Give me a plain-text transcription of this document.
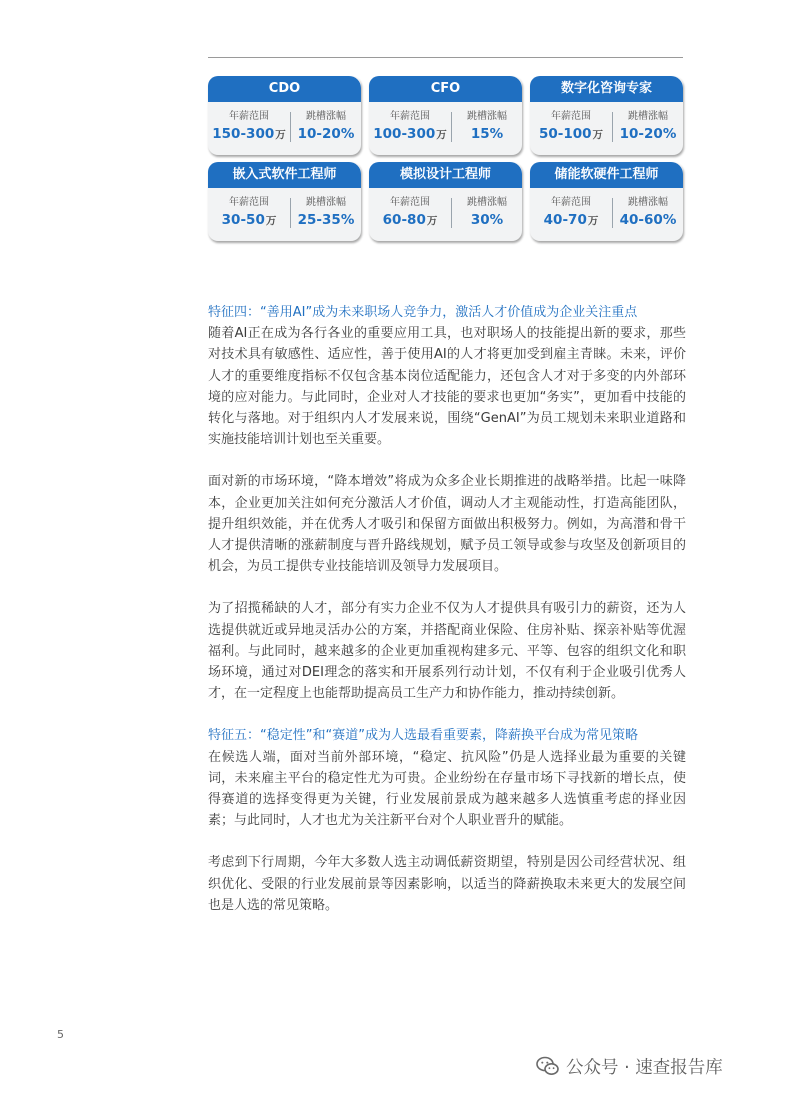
CDO
年薪范围
150-300万
跳槽涨幅
10-20%
CFO
年薪范围
100-300万
跳槽涨幅
15%
数字化咨询专家
年薪范围
50-100万
跳槽涨幅
10-20%
嵌入式软件工程师
年薪范围
30-50万
跳槽涨幅
25-35%
模拟设计工程师
年薪范围
60-80万
跳槽涨幅
30%
储能软硬件工程师
年薪范围
40-70万
跳槽涨幅
40-60%

特征四：“善用AI”成为未来职场人竞争力，激活人才价值成为企业关注重点

随着AI正在成为各行各业的重要应用工具，也对职场人的技能提出新的要求，那些对技术具有敏感性、适应性，善于使用AI的人才将更加受到雇主青睐。未来，评价人才的重要维度指标不仅包含基本岗位适配能力，还包含人才对于多变的内外部环境的应对能力。与此同时，企业对人才技能的要求也更加“务实”，更加看中技能的转化与落地。对于组织内人才发展来说，围绕“GenAI”为员工规划未来职业道路和实施技能培训计划也至关重要。

面对新的市场环境，“降本增效”将成为众多企业长期推进的战略举措。比起一味降本，企业更加关注如何充分激活人才价值，调动人才主观能动性，打造高能团队，提升组织效能，并在优秀人才吸引和保留方面做出积极努力。例如，为高潜和骨干人才提供清晰的涨薪制度与晋升路线规划，赋予员工领导或参与攻坚及创新项目的机会，为员工提供专业技能培训及领导力发展项目。

为了招揽稀缺的人才，部分有实力企业不仅为人才提供具有吸引力的薪资，还为人选提供就近或异地灵活办公的方案，并搭配商业保险、住房补贴、探亲补贴等优渥福利。与此同时，越来越多的企业更加重视构建多元、平等、包容的组织文化和职场环境，通过对DEI理念的落实和开展系列行动计划，不仅有利于企业吸引优秀人才，在一定程度上也能帮助提高员工生产力和协作能力，推动持续创新。

特征五：“稳定性”和“赛道”成为人选最看重要素，降薪换平台成为常见策略

在候选人端，面对当前外部环境，“稳定、抗风险”仍是人选择业最为重要的关键词，未来雇主平台的稳定性尤为可贵。企业纷纷在存量市场下寻找新的增长点，使得赛道的选择变得更为关键，行业发展前景成为越来越多人选慎重考虑的择业因素；与此同时，人才也尤为关注新平台对个人职业晋升的赋能。

考虑到下行周期，今年大多数人选主动调低薪资期望，特别是因公司经营状况、组织优化、受限的行业发展前景等因素影响，以适当的降薪换取未来更大的发展空间也是人选的常见策略。

5
公众号 · 速查报告库
